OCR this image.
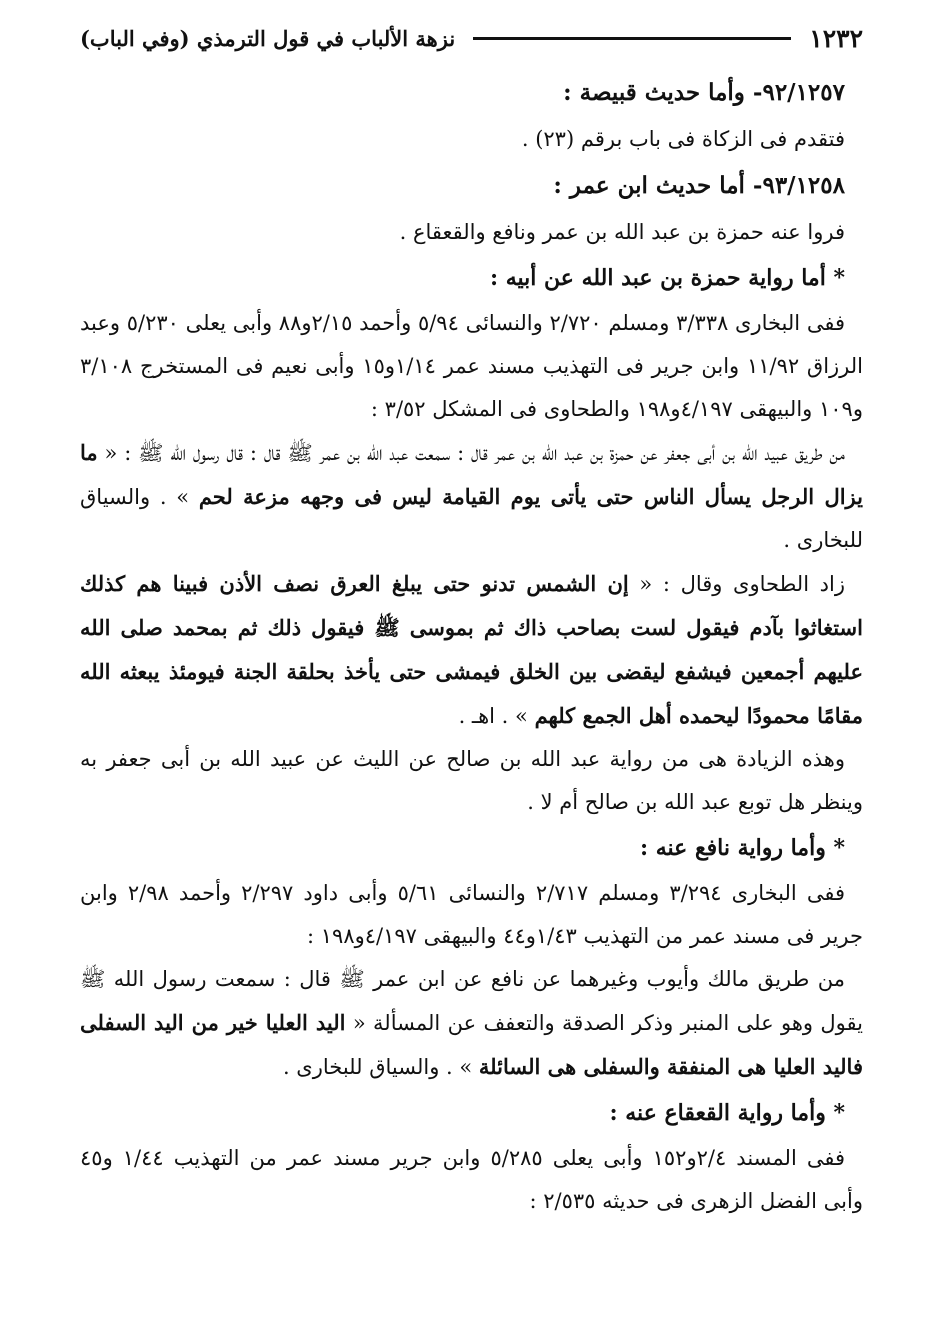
١٢٣٢
نزهة الألباب في قول الترمذي (وفي الباب)

٩٢/١٢٥٧- وأما حديث قبيصة :

فتقدم فى الزكاة فى باب برقم (٢٣) .

٩٣/١٢٥٨- أما حديث ابن عمر :

فروا عنه حمزة بن عبد الله بن عمر ونافع والقعقاع .

* أما رواية حمزة بن عبد الله عن أبيه :

ففى البخارى ٣/٣٣٨ ومسلم ٢/٧٢٠ والنسائى ٥/٩٤ وأحمد ٢/١٥و٨٨ وأبى يعلى ٥/٢٣٠ وعبد الرزاق ١١/٩٢ وابن جرير فى التهذيب مسند عمر ١/١٤و١٥ وأبى نعيم فى المستخرج ٣/١٠٨ و١٠٩ والبيهقى ٤/١٩٧و١٩٨ والطحاوى فى المشكل ٣/٥٢ :

من طريق عبيد الله بن أبى جعفر عن حمزة بن عبد الله بن عمر قال : سمعت عبد الله بن عمر ﷺ قال : قال رسول الله ﷺ : « ما يزال الرجل يسأل الناس حتى يأتى يوم القيامة ليس فى وجهه مزعة لحم » . والسياق للبخارى .

زاد الطحاوى وقال : « إن الشمس تدنو حتى يبلغ العرق نصف الأذن فبينا هم كذلك استغاثوا بآدم فيقول لست بصاحب ذاك ثم بموسى ﷺ فيقول ذلك ثم بمحمد صلى الله عليهم أجمعين فيشفع ليقضى بين الخلق فيمشى حتى يأخذ بحلقة الجنة فيومئذ يبعثه الله مقامًا محمودًا ليحمده أهل الجمع كلهم » . اهـ .

وهذه الزيادة هى من رواية عبد الله بن صالح عن الليث عن عبيد الله بن أبى جعفر به وينظر هل توبع عبد الله بن صالح أم لا .

* وأما رواية نافع عنه :

ففى البخارى ٣/٢٩٤ ومسلم ٢/٧١٧ والنسائى ٥/٦١ وأبى داود ٢/٢٩٧ وأحمد ٢/٩٨ وابن جرير فى مسند عمر من التهذيب ١/٤٣و٤٤ والبيهقى ٤/١٩٧و١٩٨ :

من طريق مالك وأيوب وغيرهما عن نافع عن ابن عمر ﷺ قال : سمعت رسول الله ﷺ يقول وهو على المنبر وذكر الصدقة والتعفف عن المسألة « اليد العليا خير من اليد السفلى فاليد العليا هى المنفقة والسفلى هى السائلة » . والسياق للبخارى .

* وأما رواية القعقاع عنه :

ففى المسند ٢/٤و١٥٢ وأبى يعلى ٥/٢٨٥ وابن جرير مسند عمر من التهذيب ١/٤٤ و٤٥ وأبى الفضل الزهرى فى حديثه ٢/٥٣٥ :
